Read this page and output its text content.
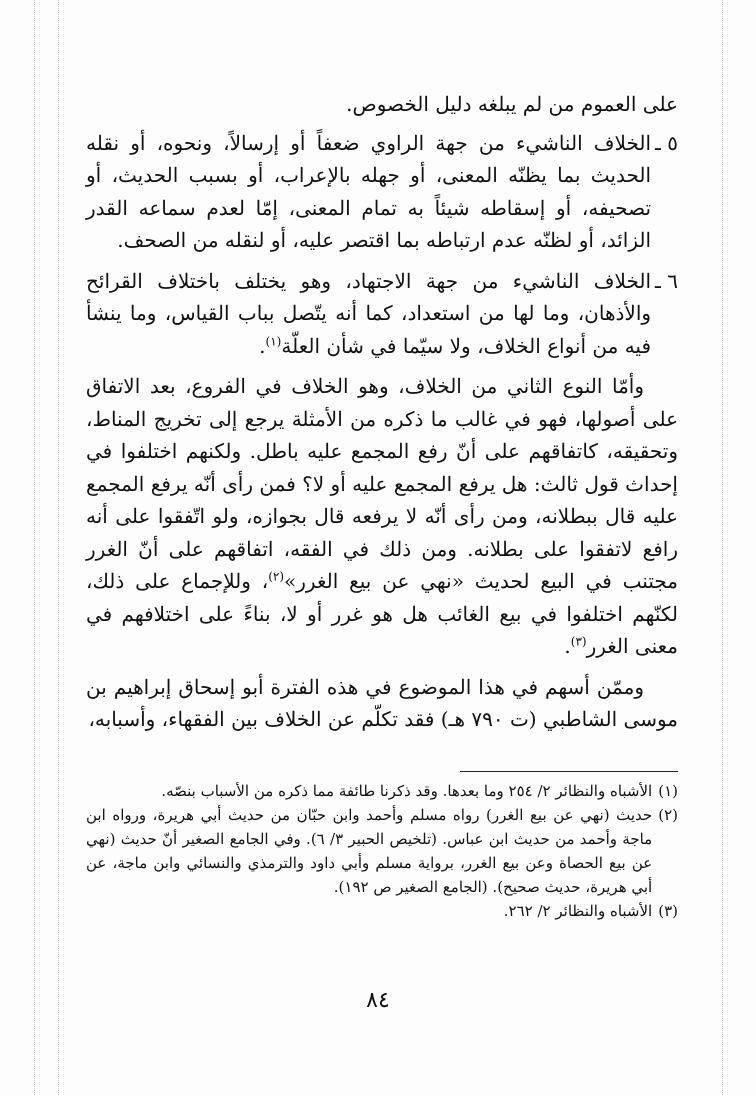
على العموم من لم يبلغه دليل الخصوص.

٥ ـ
الخلاف الناشيء من جهة الراوي ضعفاً أو إرسالاً، ونحوه، أو نقله الحديث بما يظنّه المعنى، أو جهله بالإعراب، أو بسبب الحديث، أو تصحيفه، أو إسقاطه شيئاً به تمام المعنى، إمّا لعدم سماعه القدر الزائد، أو لظنّه عدم ارتباطه بما اقتصر عليه، أو لنقله من الصحف.
٦ ـ
الخلاف الناشيء من جهة الاجتهاد، وهو يختلف باختلاف القرائح والأذهان، وما لها من استعداد، كما أنه يتّصل بباب القياس، وما ينشأ فيه من أنواع الخلاف، ولا سيّما في شأن العلّة$^{(١)}$.

وأمّا النوع الثاني من الخلاف، وهو الخلاف في الفروع، بعد الاتفاق على أصولها، فهو في غالب ما ذكره من الأمثلة يرجع إلى تخريج المناط، وتحقيقه، كاتفاقهم على أنّ رفع المجمع عليه باطل. ولكنهم اختلفوا في إحداث قول ثالث: هل يرفع المجمع عليه أو لا؟ فمن رأى أنّه يرفع المجمع عليه قال ببطلانه، ومن رأى أنّه لا يرفعه قال بجوازه، ولو اتّفقوا على أنه رافع لاتفقوا على بطلانه. ومن ذلك في الفقه، اتفاقهم على أنّ الغرر مجتنب في البيع لحديث «نهي عن بيع الغرر»$^{(٢)}$، وللإجماع على ذلك، لكنّهم اختلفوا في بيع الغائب هل هو غرر أو لا، بناءً على اختلافهم في معنى الغرر$^{(٣)}$.

وممّن أسهم في هذا الموضوع في هذه الفترة أبو إسحاق إبراهيم بن موسى الشاطبي (ت ٧٩٠ هـ) فقد تكلّم عن الخلاف بين الفقهاء، وأسبابه،

(١)
الأشباه والنظائر ٢/ ٢٥٤ وما بعدها. وقد ذكرنا طائفة مما ذكره من الأسباب بنصّه.
(٢)
حديث (نهي عن بيع الغرر) رواه مسلم وأحمد وابن حبّان من حديث أبي هريرة، ورواه ابن ماجة وأحمد من حديث ابن عباس. (تلخيص الحبير ٣/ ٦). وفي الجامع الصغير أنّ حديث (نهي عن بيع الحصاة وعن بيع الغرر، برواية مسلم وأبي داود والترمذي والنسائي وابن ماجة، عن أبي هريرة، حديث صحيح). (الجامع الصغير ص ١٩٢).
(٣)
الأشباه والنظائر ٢/ ٢٦٢.
٨٤
